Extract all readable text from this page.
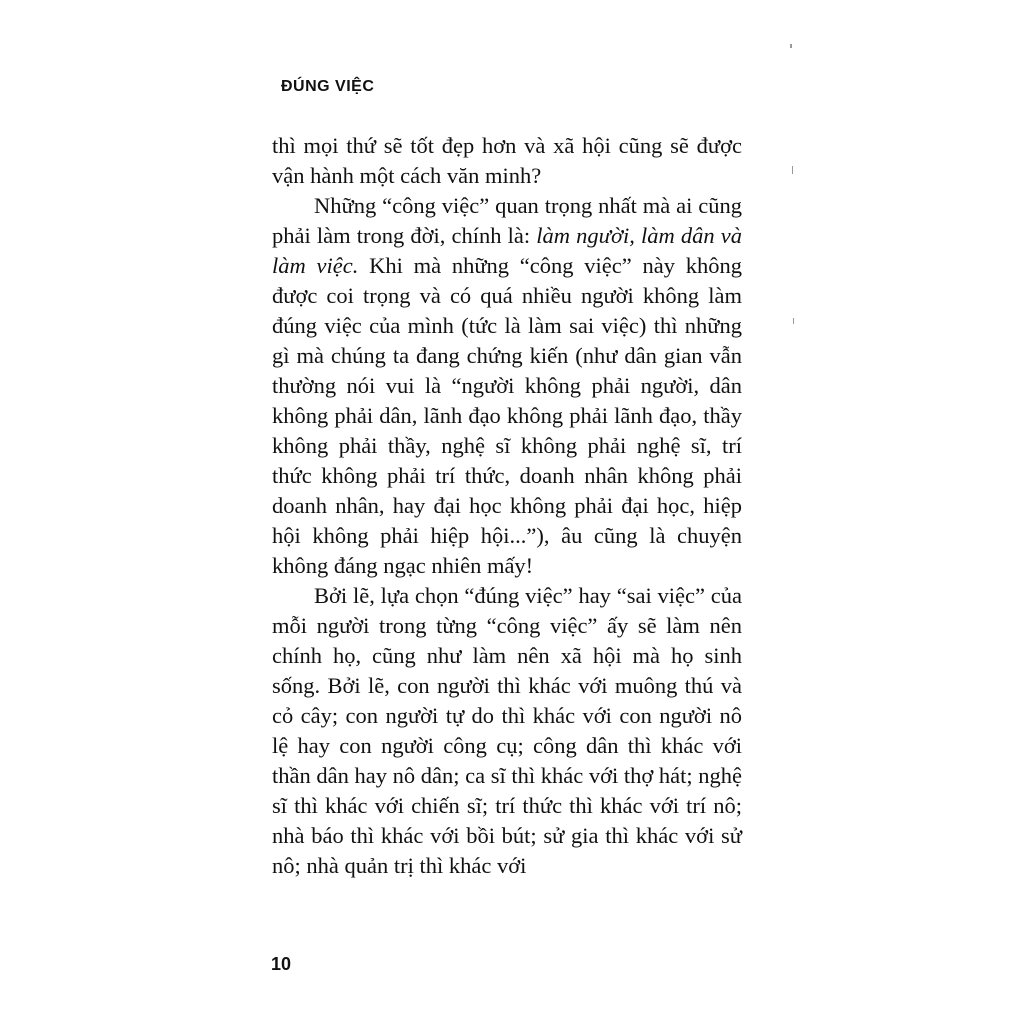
ĐÚNG VIỆC

thì mọi thứ sẽ tốt đẹp hơn và xã hội cũng sẽ được vận hành một cách văn minh?

Những “công việc” quan trọng nhất mà ai cũng phải làm trong đời, chính là: làm người, làm dân và làm việc. Khi mà những “công việc” này không được coi trọng và có quá nhiều người không làm đúng việc của mình (tức là làm sai việc) thì những gì mà chúng ta đang chứng kiến (như dân gian vẫn thường nói vui là “người không phải người, dân không phải dân, lãnh đạo không phải lãnh đạo, thầy không phải thầy, nghệ sĩ không phải nghệ sĩ, trí thức không phải trí thức, doanh nhân không phải doanh nhân, hay đại học không phải đại học, hiệp hội không phải hiệp hội...”), âu cũng là chuyện không đáng ngạc nhiên mấy!

Bởi lẽ, lựa chọn “đúng việc” hay “sai việc” của mỗi người trong từng “công việc” ấy sẽ làm nên chính họ, cũng như làm nên xã hội mà họ sinh sống. Bởi lẽ, con người thì khác với muông thú và cỏ cây; con người tự do thì khác với con người nô lệ hay con người công cụ; công dân thì khác với thần dân hay nô dân; ca sĩ thì khác với thợ hát; nghệ sĩ thì khác với chiến sĩ; trí thức thì khác với trí nô; nhà báo thì khác với bồi bút; sử gia thì khác với sử nô; nhà quản trị thì khác với

10
